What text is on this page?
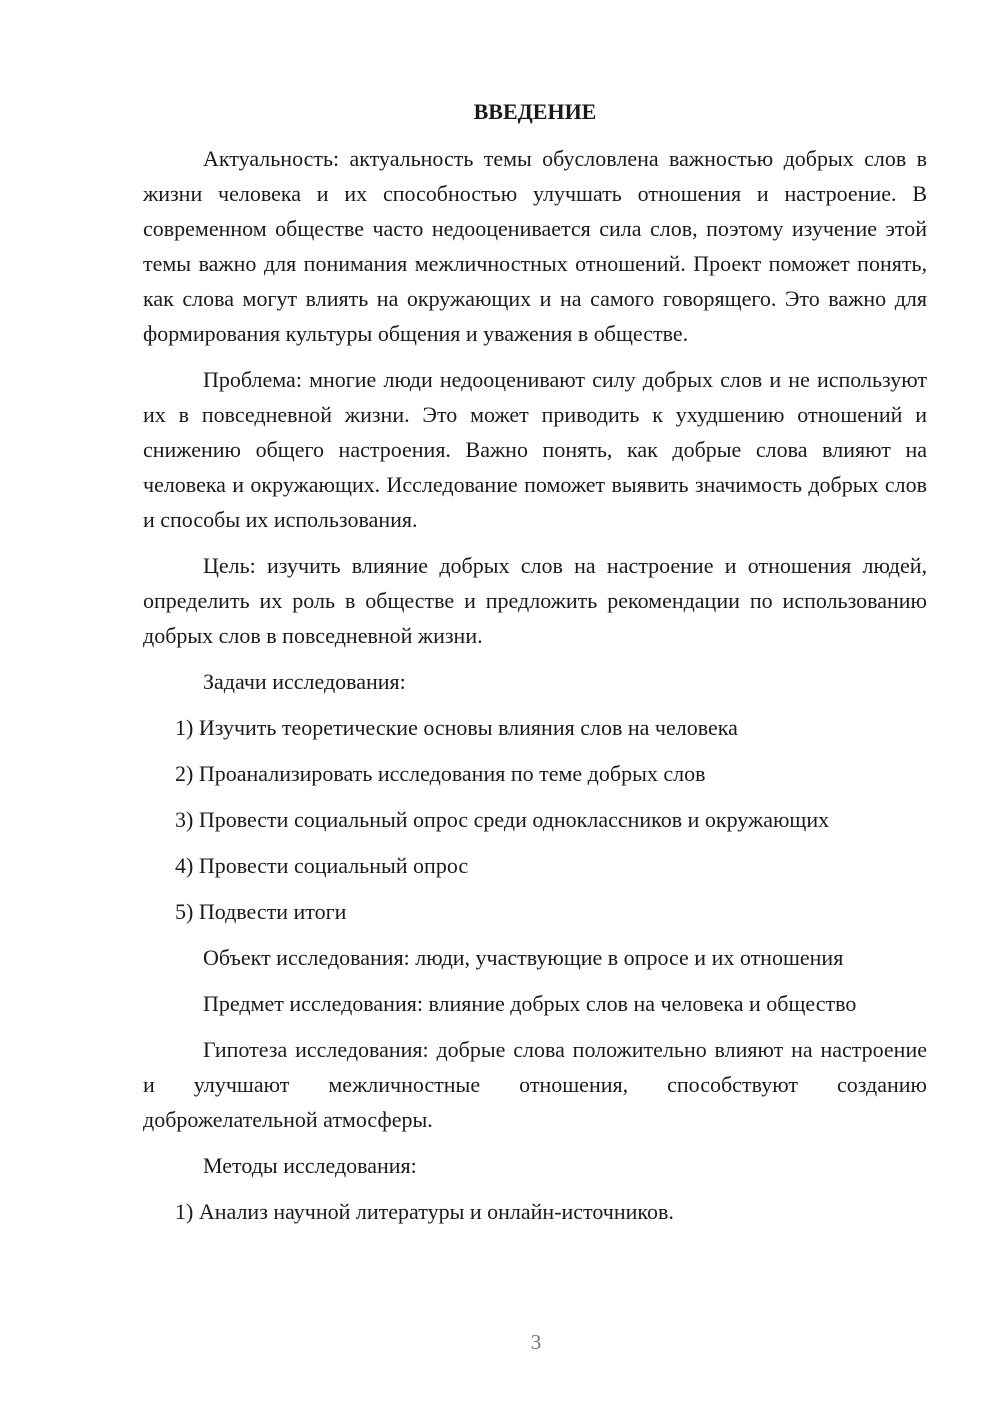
ВВЕДЕНИЕ

Актуальность: актуальность темы обусловлена важностью добрых слов в жизни человека и их способностью улучшать отношения и настроение. В современном обществе часто недооценивается сила слов, поэтому изучение этой темы важно для понимания межличностных отношений. Проект поможет понять, как слова могут влиять на окружающих и на самого говорящего. Это важно для формирования культуры общения и уважения в обществе.

Проблема: многие люди недооценивают силу добрых слов и не используют их в повседневной жизни. Это может приводить к ухудшению отношений и снижению общего настроения. Важно понять, как добрые слова влияют на человека и окружающих. Исследование поможет выявить значимость добрых слов и способы их использования.

Цель: изучить влияние добрых слов на настроение и отношения людей, определить их роль в обществе и предложить рекомендации по использованию добрых слов в повседневной жизни.

Задачи исследования:
1) Изучить теоретические основы влияния слов на человека
2) Проанализировать исследования по теме добрых слов
3) Провести социальный опрос среди одноклассников и окружающих
4) Провести социальный опрос
5) Подвести итоги
Объект исследования: люди, участвующие в опросе и их отношения

Предмет исследования: влияние добрых слов на человека и общество

Гипотеза исследования: добрые слова положительно влияют на настроение и улучшают межличностные отношения, способствуют созданию доброжелательной атмосферы.

Методы исследования:
1) Анализ научной литературы и онлайн-источников.
3
